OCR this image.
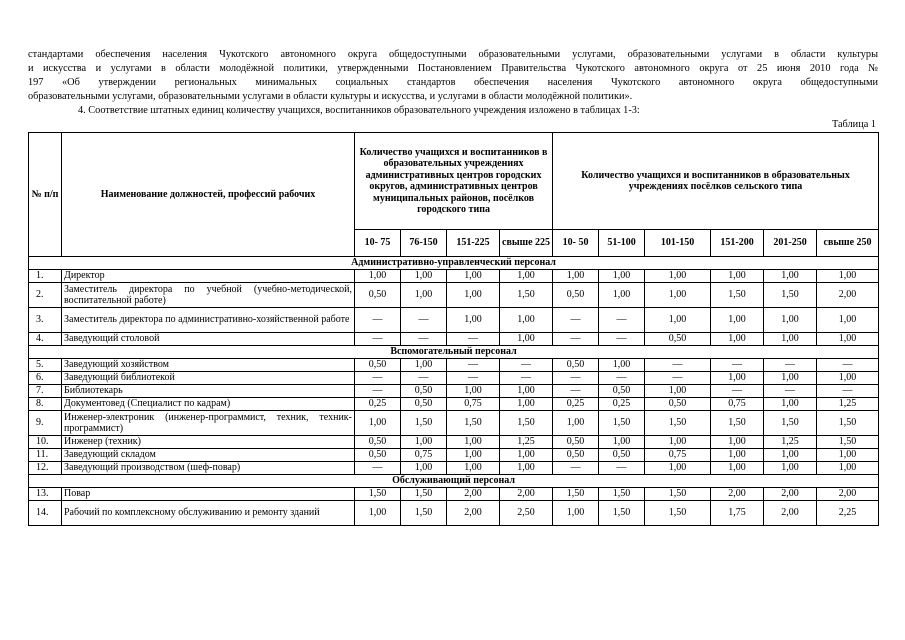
стандартами обеспечения населения Чукотского автономного округа общедоступными образовательными услугами, образовательными услугами в области культуры
и искусства и услугами в области молодёжной политики, утвержденными Постановлением Правительства Чукотского автономного округа от 25 июня 2010 года №
197 «Об утверждении региональных минимальных социальных стандартов обеспечения населения Чукотского автономного округа общедоступными
образовательными услугами, образовательными услугами в области культуры и искусства, и услугами в области молодёжной политики».

4. Соответствие штатных единиц количеству учащихся, воспитанников образовательного учреждения изложено в таблицах 1-3:

Таблица 1

№ п/п	Наименование должностей, профессий рабочих	Количество учащихся и воспитанников в образовательных учреждениях административных центров городских округов, административных центров муниципальных районов, посёлков городского типа				Количество учащихся и воспитанников в образовательных учреждениях посёлков сельского типа					
		10- 75	76-150	151-225	свыше 225	10- 50	51-100	101-150	151-200	201-250	свыше 250
Административно-управленческий персонал											
1.	Директор	1,00	1,00	1,00	1,00	1,00	1,00	1,00	1,00	1,00	1,00
2.	Заместитель директора по учебной (учебно-методической, воспитательной работе)	0,50	1,00	1,00	1,50	0,50	1,00	1,00	1,50	1,50	2,00
3.	Заместитель директора по административно-хозяйственной работе	—	—	1,00	1,00	—	—	1,00	1,00	1,00	1,00
4.	Заведующий столовой	—	—	—	1,00	—	—	0,50	1,00	1,00	1,00
Вспомогательный персонал											
5.	Заведующий хозяйством	0,50	1,00	—	—	0,50	1,00	—	—	—	—
6.	Заведующий библиотекой	—	—	—	—	—	—	—	1,00	1,00	1,00
7.	Библиотекарь	—	0,50	1,00	1,00	—	0,50	1,00	—	—	—
8.	Документовед (Специалист по кадрам)	0,25	0,50	0,75	1,00	0,25	0,25	0,50	0,75	1,00	1,25
9.	Инженер-электроник (инженер-программист, техник, техник-программист)	1,00	1,50	1,50	1,50	1,00	1,50	1,50	1,50	1,50	1,50
10.	Инженер (техник)	0,50	1,00	1,00	1,25	0,50	1,00	1,00	1,00	1,25	1,50
11.	Заведующий складом	0,50	0,75	1,00	1,00	0,50	0,50	0,75	1,00	1,00	1,00
12.	Заведующий производством (шеф-повар)	—	1,00	1,00	1,00	—	—	1,00	1,00	1,00	1,00
Обслуживающий персонал											
13.	Повар	1,50	1,50	2,00	2,00	1,50	1,50	1,50	2,00	2,00	2,00
14.	Рабочий по комплексному обслуживанию и ремонту зданий	1,00	1,50	2,00	2,50	1,00	1,50	1,50	1,75	2,00	2,25
